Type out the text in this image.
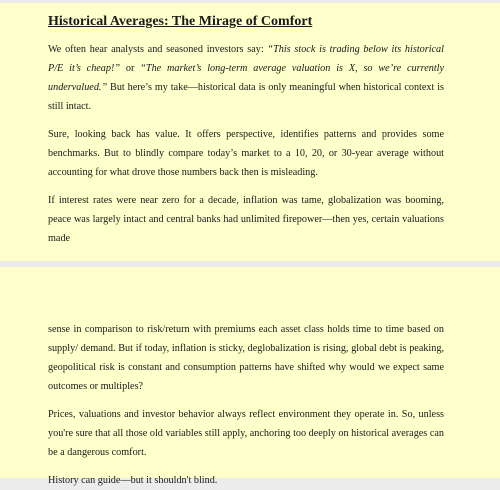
Historical Averages: The Mirage of Comfort

We often hear analysts and seasoned investors say: “This stock is trading below its historical P/E it’s cheap!” or “The market’s long-term average valuation is X, so we’re currently undervalued.” But here’s my take—historical data is only meaningful when historical context is still intact.

Sure, looking back has value. It offers perspective, identifies patterns and provides some benchmarks. But to blindly compare today’s market to a 10, 20, or 30-year average without accounting for what drove those numbers back then is misleading.

If interest rates were near zero for a decade, inflation was tame, globalization was booming, peace was largely intact and central banks had unlimited firepower—then yes, certain valuations made

sense in comparison to risk/return with premiums each asset class holds time to time based on supply/ demand. But if today, inflation is sticky, deglobalization is rising, global debt is peaking, geopolitical risk is constant and consumption patterns have shifted why would we expect same outcomes or multiples?

Prices, valuations and investor behavior always reflect environment they operate in. So, unless you're sure that all those old variables still apply, anchoring too deeply on historical averages can be a dangerous comfort.

History can guide—but it shouldn't blind.
